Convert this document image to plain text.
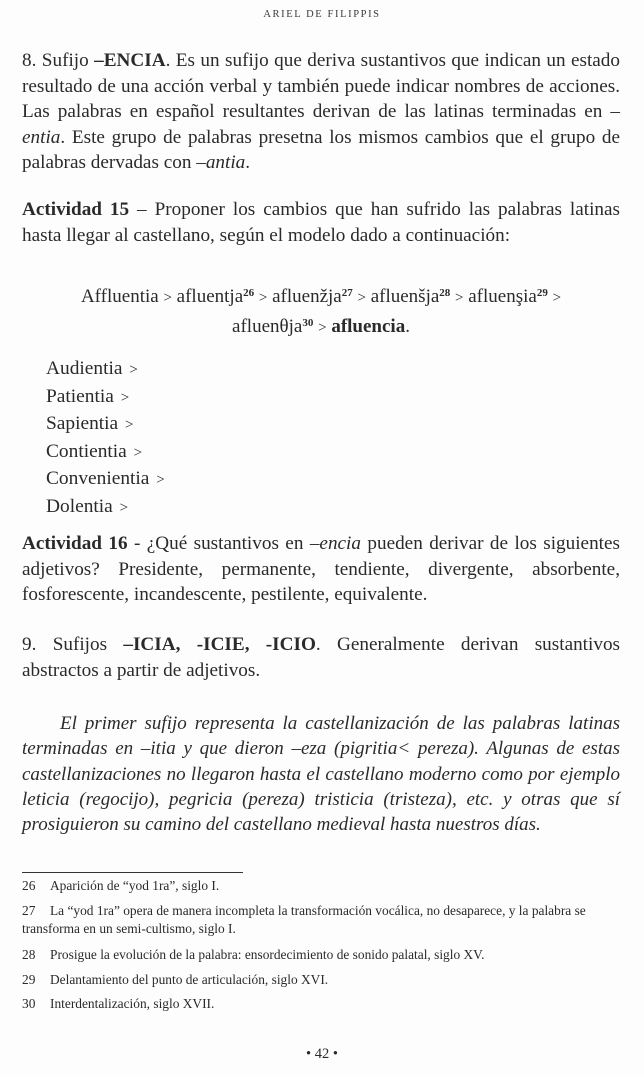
ARIEL DE FILIPPIS
8. Sufijo –ENCIA. Es un sufijo que deriva sustantivos que indican un estado resultado de una acción verbal y también puede indicar nombres de acciones. Las palabras en español resultantes derivan de las latinas terminadas en –entia. Este grupo de palabras presetna los mismos cambios que el grupo de palabras dervadas con –antia.
Actividad 15 – Proponer los cambios que han sufrido las palabras latinas hasta llegar al castellano, según el modelo dado a continuación:
Affluentia > afluentja$^{26}$ > afluenžja$^{27}$ > afluenšja$^{28}$ > afluenşia$^{29}$ >
afluenθja$^{30}$ > afluencia.
Audientia >
Patientia >
Sapientia >
Contientia >
Convenientia >
Dolentia >
Actividad 16 - ¿Qué sustantivos en –encia pueden derivar de los siguientes adjetivos? Presidente, permanente, tendiente, divergente, absorbente, fosforescente, incandescente, pestilente, equivalente.
9. Sufijos –ICIA, -ICIE, -ICIO. Generalmente derivan sustantivos abstractos a partir de adjetivos.
El primer sufijo representa la castellanización de las palabras latinas terminadas en –itia y que dieron –eza (pigritia< pereza). Algunas de estas castellanizaciones no llegaron hasta el castellano moderno como por ejemplo leticia (regocijo), pegricia (pereza) tristicia (tristeza), etc. y otras que sí prosiguieron su camino del castellano medieval hasta nuestros días.
26 Aparición de “yod 1ra”, siglo I.
27 La “yod 1ra” opera de manera incompleta la transformación vocálica, no desaparece, y la palabra se transforma en un semi-cultismo, siglo I.
28 Prosigue la evolución de la palabra: ensordecimiento de sonido palatal, siglo XV.
29 Delantamiento del punto de articulación, siglo XVI.
30 Interdentalización, siglo XVII.
• 42 •
